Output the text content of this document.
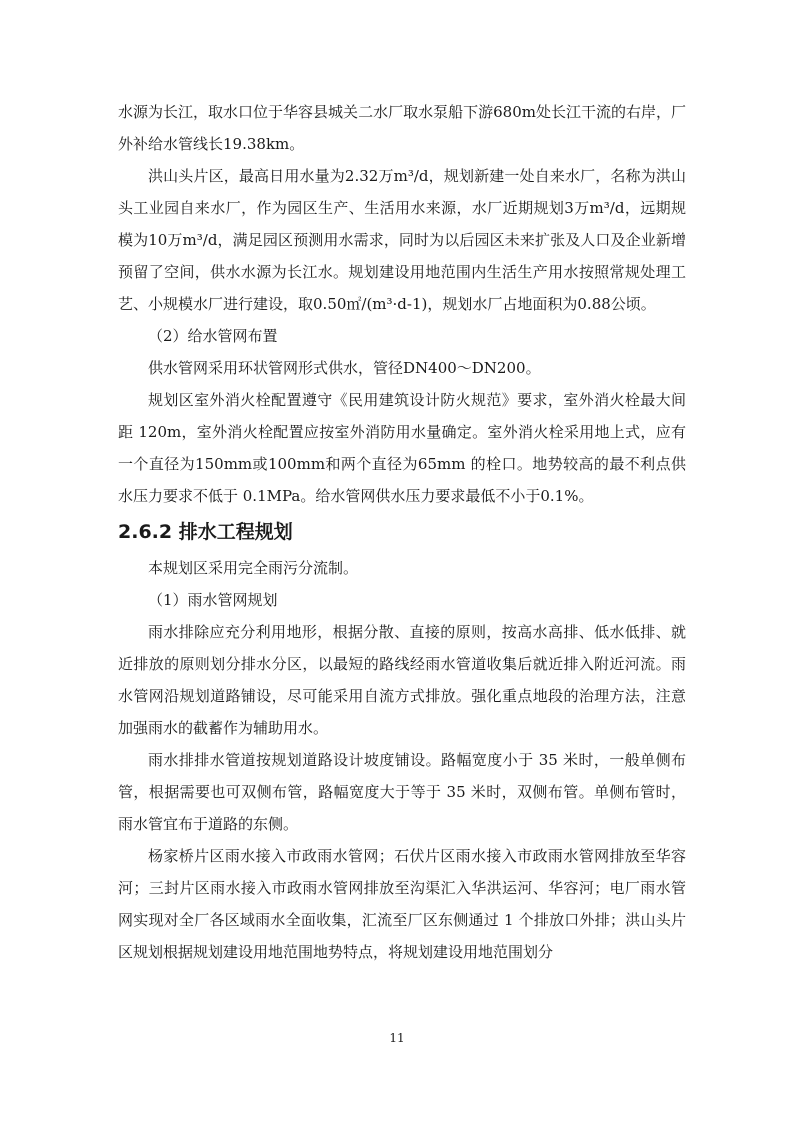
水源为长江，取水口位于华容县城关二水厂取水泵船下游680m处长江干流的右岸，厂外补给水管线长19.38km。

洪山头片区，最高日用水量为2.32万m³/d，规划新建一处自来水厂，名称为洪山头工业园自来水厂，作为园区生产、生活用水来源，水厂近期规划3万m³/d，远期规模为10万m³/d，满足园区预测用水需求，同时为以后园区未来扩张及人口及企业新增预留了空间，供水水源为长江水。规划建设用地范围内生活生产用水按照常规处理工艺、小规模水厂进行建设，取0.50㎡/(m³·d-1)，规划水厂占地面积为0.88公顷。

（2）给水管网布置

供水管网采用环状管网形式供水，管径DN400～DN200。

规划区室外消火栓配置遵守《民用建筑设计防火规范》要求，室外消火栓最大间距 120m，室外消火栓配置应按室外消防用水量确定。室外消火栓采用地上式，应有一个直径为150mm或100mm和两个直径为65mm 的栓口。地势较高的最不利点供水压力要求不低于 0.1MPa。给水管网供水压力要求最低不小于0.1%。

2.6.2 排水工程规划

本规划区采用完全雨污分流制。

（1）雨水管网规划

雨水排除应充分利用地形，根据分散、直接的原则，按高水高排、低水低排、就近排放的原则划分排水分区，以最短的路线经雨水管道收集后就近排入附近河流。雨水管网沿规划道路铺设，尽可能采用自流方式排放。强化重点地段的治理方法，注意加强雨水的截蓄作为辅助用水。

雨水排排水管道按规划道路设计坡度铺设。路幅宽度小于 35 米时，一般单侧布管，根据需要也可双侧布管，路幅宽度大于等于 35 米时，双侧布管。单侧布管时，雨水管宜布于道路的东侧。

杨家桥片区雨水接入市政雨水管网；石伏片区雨水接入市政雨水管网排放至华容河；三封片区雨水接入市政雨水管网排放至沟渠汇入华洪运河、华容河；电厂雨水管网实现对全厂各区域雨水全面收集，汇流至厂区东侧通过 1 个排放口外排；洪山头片区规划根据规划建设用地范围地势特点，将规划建设用地范围划分

11
